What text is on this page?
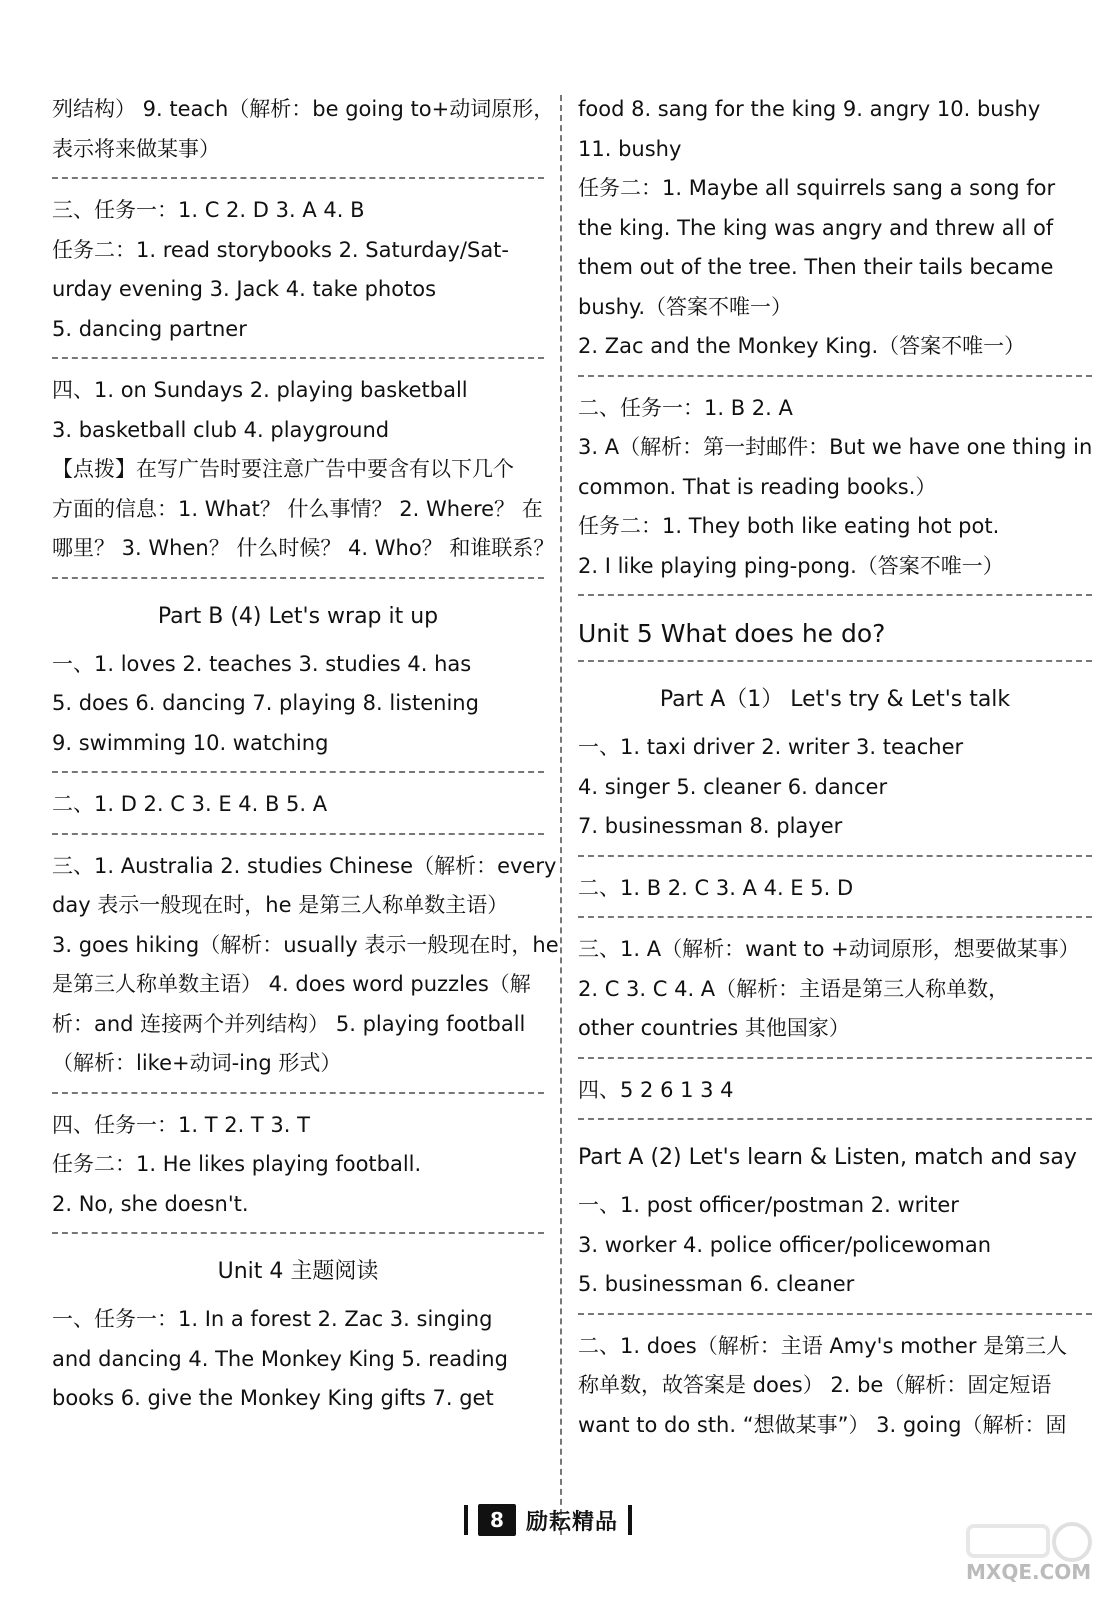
列结构） 9. teach（解析：be going to+动词原形，
表示将来做某事）
三、任务一：1. C 2. D 3. A 4. B
任务二：1. read storybooks 2. Saturday/Sat-
urday evening 3. Jack 4. take photos
5. dancing partner
四、1. on Sundays 2. playing basketball
3. basketball club 4. playground
【点拨】在写广告时要注意广告中要含有以下几个
方面的信息：1. What？ 什么事情？ 2. Where？ 在
哪里？ 3. When？ 什么时候？ 4. Who？ 和谁联系？
Part B (4) Let's wrap it up
一、1. loves 2. teaches 3. studies 4. has
5. does 6. dancing 7. playing 8. listening
9. swimming 10. watching
二、1. D 2. C 3. E 4. B 5. A
三、1. Australia 2. studies Chinese（解析：every
day 表示一般现在时，he 是第三人称单数主语）
3. goes hiking（解析：usually 表示一般现在时，he
是第三人称单数主语） 4. does word puzzles（解
析：and 连接两个并列结构） 5. playing football
（解析：like+动词-ing 形式）
四、任务一：1. T 2. T 3. T
任务二：1. He likes playing football.
2. No, she doesn't.
Unit 4 主题阅读
一、任务一：1. In a forest 2. Zac 3. singing
and dancing 4. The Monkey King 5. reading
books 6. give the Monkey King gifts 7. get
food 8. sang for the king 9. angry 10. bushy
11. bushy
任务二：1. Maybe all squirrels sang a song for
the king. The king was angry and threw all of
them out of the tree. Then their tails became
bushy.（答案不唯一）
2. Zac and the Monkey King.（答案不唯一）
二、任务一：1. B 2. A
3. A（解析：第一封邮件：But we have one thing in
common. That is reading books.）
任务二：1. They both like eating hot pot.
2. I like playing ping-pong.（答案不唯一）
Unit 5 What does he do?
Part A（1） Let's try & Let's talk
一、1. taxi driver 2. writer 3. teacher
4. singer 5. cleaner 6. dancer
7. businessman 8. player
二、1. B 2. C 3. A 4. E 5. D
三、1. A（解析：want to +动词原形，想要做某事）
2. C 3. C 4. A（解析：主语是第三人称单数，
other countries 其他国家）
四、5 2 6 1 3 4
Part A (2) Let's learn & Listen, match and say
一、1. post officer/postman 2. writer
3. worker 4. police officer/policewoman
5. businessman 6. cleaner
二、1. does（解析：主语 Amy's mother 是第三人
称单数，故答案是 does） 2. be（解析：固定短语
want to do sth. “想做某事”） 3. going（解析：固
8	励耘精品
MXQE.COM
